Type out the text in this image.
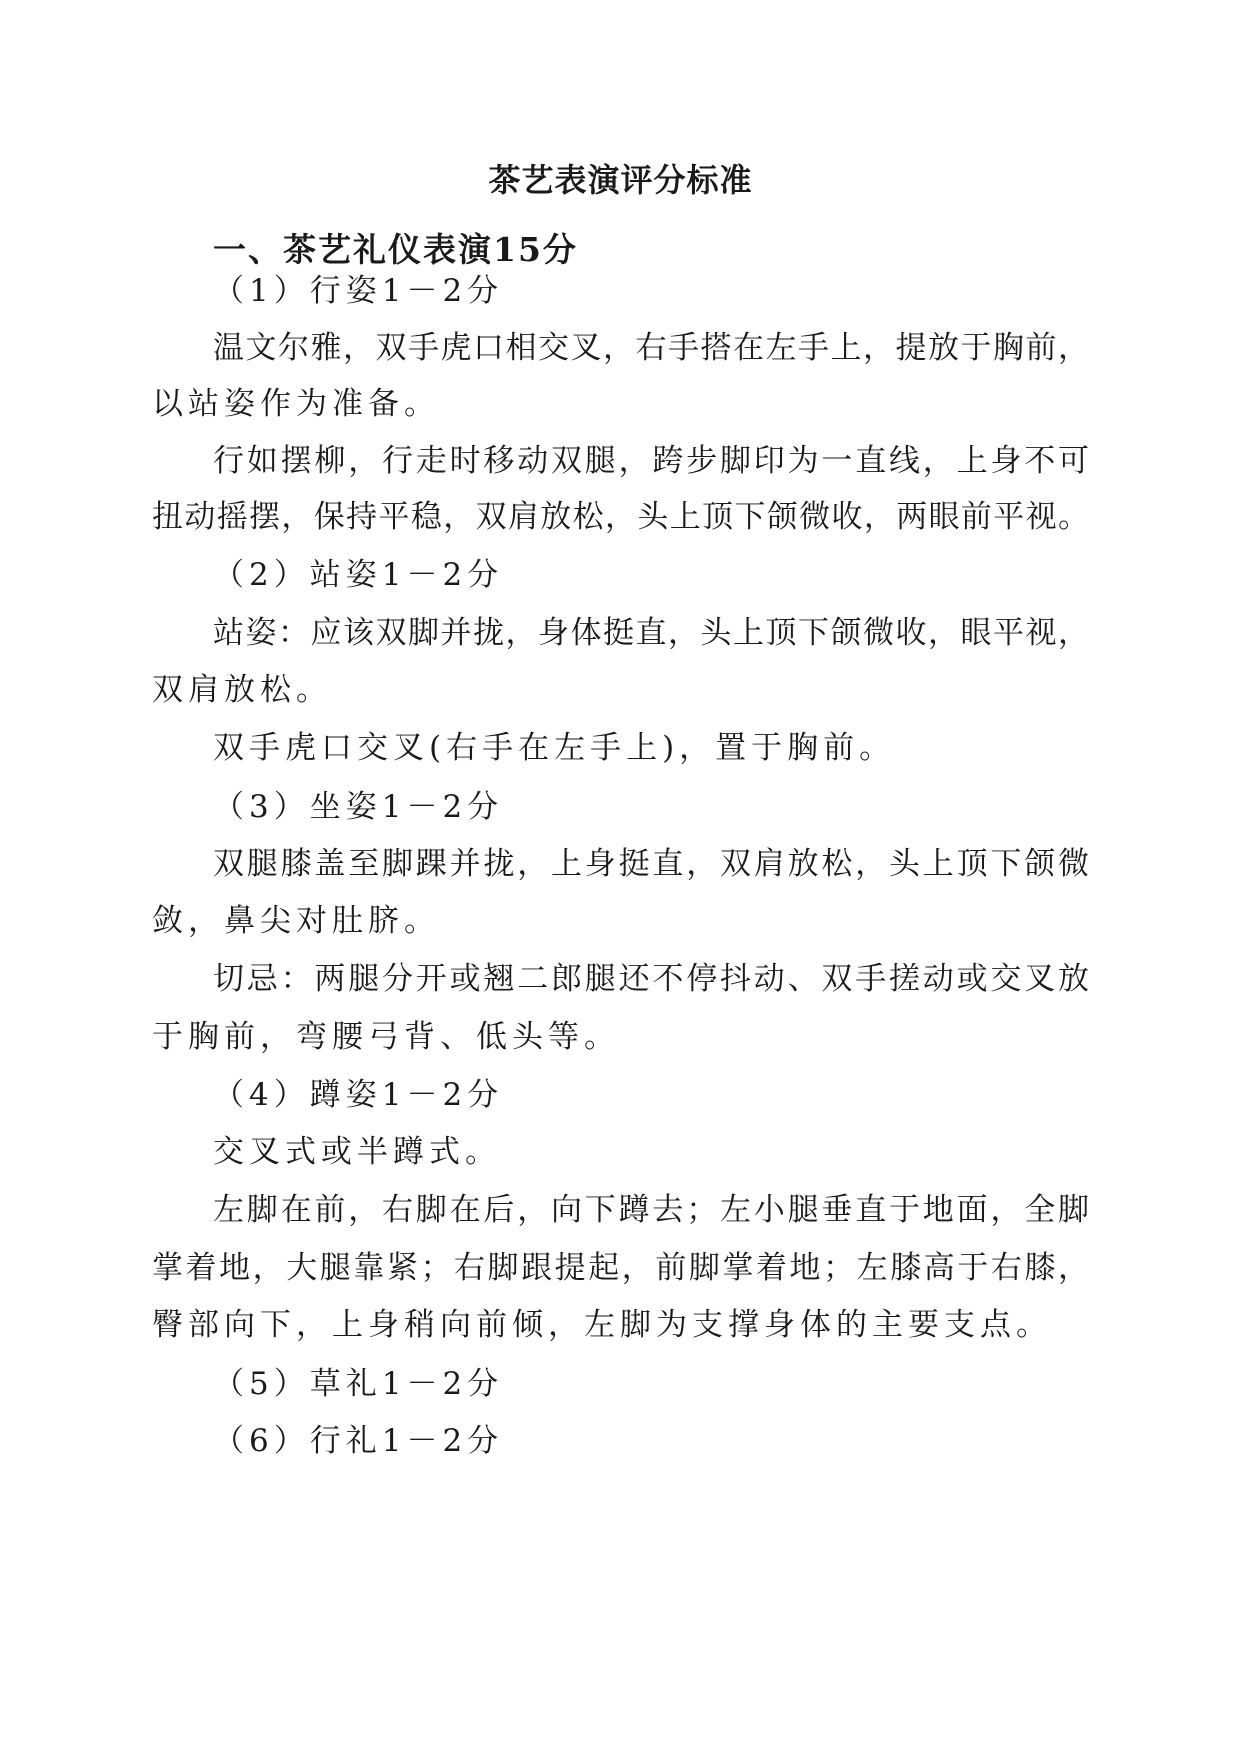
茶艺表演评分标准
一、茶艺礼仪表演15分

（1）行姿1－2分

温文尔雅，双手虎口相交叉，右手搭在左手上，提放于胸前，

以站姿作为准备。

行如摆柳，行走时移动双腿，跨步脚印为一直线，上身不可

扭动摇摆，保持平稳，双肩放松，头上顶下颌微收，两眼前平视。

（2）站姿1－2分

站姿：应该双脚并拢，身体挺直，头上顶下颌微收，眼平视，

双肩放松。

双手虎口交叉(右手在左手上)，置于胸前。

（3）坐姿1－2分

双腿膝盖至脚踝并拢，上身挺直，双肩放松，头上顶下颌微

敛，鼻尖对肚脐。

切忌：两腿分开或翘二郎腿还不停抖动、双手搓动或交叉放

于胸前，弯腰弓背、低头等。

（4）蹲姿1－2分

交叉式或半蹲式。

左脚在前，右脚在后，向下蹲去；左小腿垂直于地面，全脚

掌着地，大腿靠紧；右脚跟提起，前脚掌着地；左膝高于右膝，

臀部向下，上身稍向前倾，左脚为支撑身体的主要支点。

（5）草礼1－2分

（6）行礼1－2分
